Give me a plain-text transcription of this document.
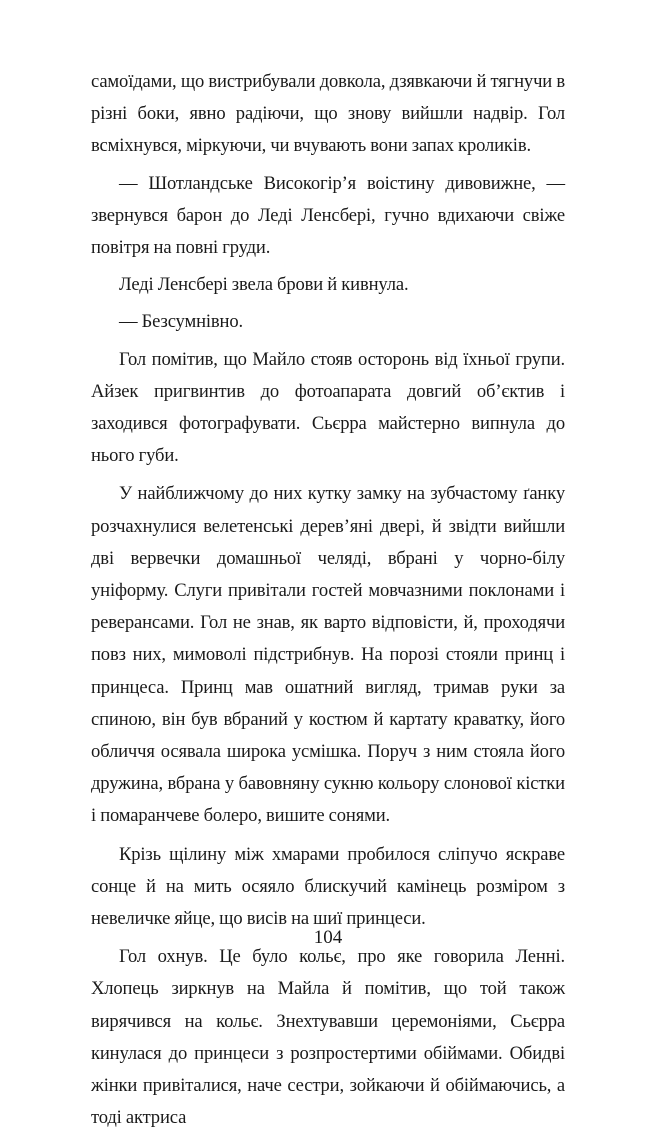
самоїдами, що вистрибували довкола, дзявкаючи й тягнучи в різні боки, явно радіючи, що знову вийшли надвір. Гол всміхнувся, міркуючи, чи вчувають вони запах кроликів.

— Шотландське Високогір’я воістину дивовижне, — звернувся барон до Леді Ленсбері, гучно вдихаючи свіже повітря на повні груди.

Леді Ленсбері звела брови й кивнула.

— Безсумнівно.

Гол помітив, що Майло стояв осторонь від їхньої групи. Айзек пригвинтив до фотоапарата довгий об’єктив і заходився фотографувати. Сьєрра майстерно випнула до нього губи.

У найближчому до них кутку замку на зубчастому ґанку розчахнулися велетенські дерев’яні двері, й звідти вийшли дві вервечки домашньої челяді, вбрані у чорно-білу уніформу. Слуги привітали гостей мовчазними поклонами і реверансами. Гол не знав, як варто відповісти, й, проходячи повз них, мимоволі підстрибнув. На порозі стояли принц і принцеса. Принц мав ошатний вигляд, тримав руки за спиною, він був вбраний у костюм й картату краватку, його обличчя осявала широка усмішка. Поруч з ним стояла його дружина, вбрана у бавовняну сукню кольору слонової кістки і помаранчеве болеро, вишите сонями.

Крізь щілину між хмарами пробилося сліпучо яскраве сонце й на мить осяяло блискучий камінець розміром з невеличке яйце, що висів на шиї принцеси.

Гол охнув. Це було кольє, про яке говорила Ленні. Хлопець зиркнув на Майла й помітив, що той також вирячився на кольє. Знехтувавши церемоніями, Сьєрра кинулася до принцеси з розпростертими обіймами. Обидві жінки привіталися, наче сестри, зойкаючи й обіймаючись, а тоді актриса

104
